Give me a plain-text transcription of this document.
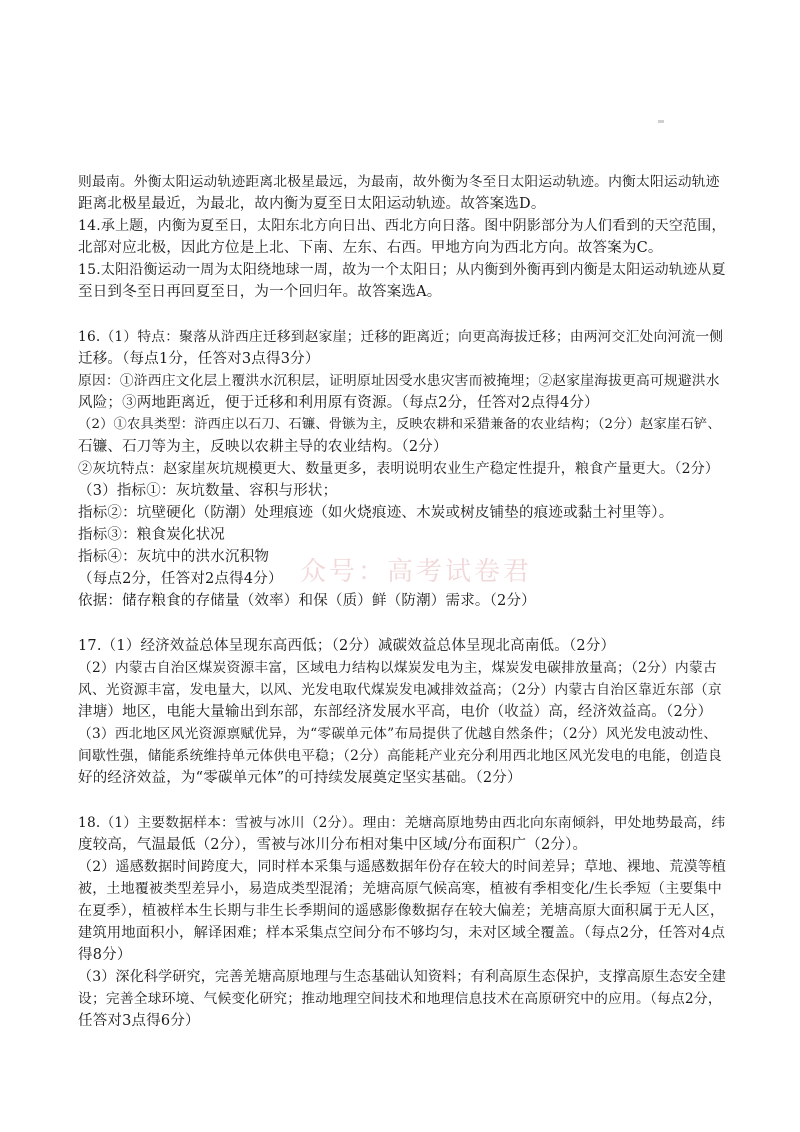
则最南。外衡太阳运动轨迹距离北极星最远，为最南，故外衡为冬至日太阳运动轨迹。内衡太阳运动轨迹
距离北极星最近，为最北，故内衡为夏至日太阳运动轨迹。故答案选D。
14.承上题，内衡为夏至日，太阳东北方向日出、西北方向日落。图中阴影部分为人们看到的天空范围，
北部对应北极，因此方位是上北、下南、左东、右西。甲地方向为西北方向。故答案为C。
15.太阳沿衡运动一周为太阳绕地球一周，故为一个太阳日；从内衡到外衡再到内衡是太阳运动轨迹从夏
至日到冬至日再回夏至日，为一个回归年。故答案选A。
16.（1）特点：聚落从浒西庄迁移到赵家崖；迁移的距离近；向更高海拔迁移；由两河交汇处向河流一侧
迁移。（每点1分，任答对3点得3分）
原因：①浒西庄文化层上覆洪水沉积层，证明原址因受水患灾害而被掩埋；②赵家崖海拔更高可规避洪水
风险；③两地距离近，便于迁移和利用原有资源。（每点2分，任答对2点得4分）
（2）①农具类型：浒西庄以石刀、石镰、骨镞为主，反映农耕和采猎兼备的农业结构；（2分）赵家崖石铲、
石镰、石刀等为主，反映以农耕主导的农业结构。（2分）
②灰坑特点：赵家崖灰坑规模更大、数量更多，表明说明农业生产稳定性提升，粮食产量更大。（2分）
（3）指标①：灰坑数量、容积与形状；
指标②：坑壁硬化（防潮）处理痕迹（如火烧痕迹、木炭或树皮铺垫的痕迹或黏土衬里等）。
指标③：粮食炭化状况
指标④：灰坑中的洪水沉积物
（每点2分，任答对2点得4分）
依据：储存粮食的存储量（效率）和保（质）鲜（防潮）需求。（2分）
17.（1）经济效益总体呈现东高西低；（2分）减碳效益总体呈现北高南低。（2分）
（2）内蒙古自治区煤炭资源丰富，区域电力结构以煤炭发电为主，煤炭发电碳排放量高；（2分）内蒙古
风、光资源丰富，发电量大，以风、光发电取代煤炭发电减排效益高；（2分）内蒙古自治区靠近东部（京
津塘）地区，电能大量输出到东部，东部经济发展水平高，电价（收益）高，经济效益高。（2分）
（3）西北地区风光资源禀赋优异，为“零碳单元体”布局提供了优越自然条件；（2分）风光发电波动性、
间歇性强，储能系统维持单元体供电平稳；（2分）高能耗产业充分利用西北地区风光发电的电能，创造良
好的经济效益，为“零碳单元体”的可持续发展奠定坚实基础。（2分）
18.（1）主要数据样本：雪被与冰川（2分）。理由：羌塘高原地势由西北向东南倾斜，甲处地势最高，纬
度较高，气温最低（2分），雪被与冰川分布相对集中区域/分布面积广（2分）。
（2）遥感数据时间跨度大，同时样本采集与遥感数据年份存在较大的时间差异；草地、裸地、荒漠等植
被，土地覆被类型差异小，易造成类型混淆；羌塘高原气候高寒，植被有季相变化/生长季短（主要集中
在夏季），植被样本生长期与非生长季期间的遥感影像数据存在较大偏差；羌塘高原大面积属于无人区，
建筑用地面积小，解译困难；样本采集点空间分布不够均匀，未对区域全覆盖。（每点2分，任答对4点
得8分）
（3）深化科学研究，完善羌塘高原地理与生态基础认知资料；有利高原生态保护，支撑高原生态安全建
设；完善全球环境、气候变化研究；推动地理空间技术和地理信息技术在高原研究中的应用。（每点2分，
任答对3点得6分）
众号：高考试卷君
